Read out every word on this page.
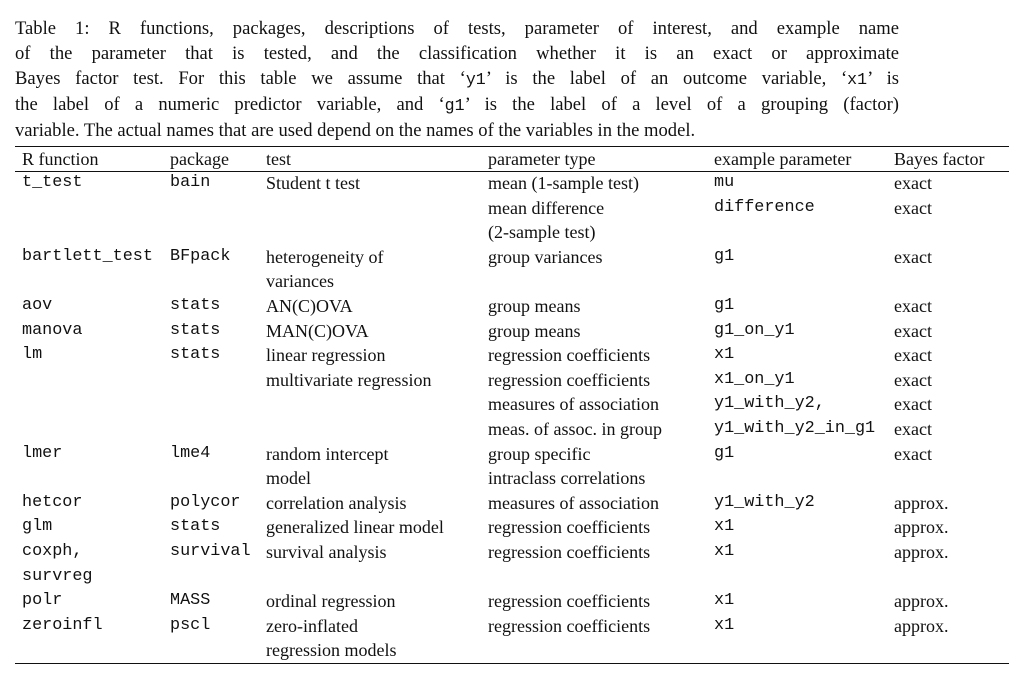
Table 1: R functions, packages, descriptions of tests, parameter of interest, and example name
of the parameter that is tested, and the classification whether it is an exact or approximate
Bayes factor test. For this table we assume that ‘y1’ is the label of an outcome variable, ‘x1’ is
the label of a numeric predictor variable, and ‘g1’ is the label of a level of a grouping (factor)
variable. The actual names that are used depend on the names of the variables in the model.
R function	package	test	parameter type	example parameter	Bayes factor
t_test	bain	Student t test	mean (1-sample test)	mu	exact
			mean difference	difference	exact
			(2-sample test)		
bartlett_test	BFpack	heterogeneity of	group variances	g1	exact
		variances			
aov	stats	AN(C)OVA	group means	g1	exact
manova	stats	MAN(C)OVA	group means	g1_on_y1	exact
lm	stats	linear regression	regression coefficients	x1	exact
		multivariate regression	regression coefficients	x1_on_y1	exact
			measures of association	y1_with_y2,	exact
			meas. of assoc. in group	y1_with_y2_in_g1	exact
lmer	lme4	random intercept	group specific	g1	exact
		model	intraclass correlations		
hetcor	polycor	correlation analysis	measures of association	y1_with_y2	approx.
glm	stats	generalized linear model	regression coefficients	x1	approx.
coxph,	survival	survival analysis	regression coefficients	x1	approx.
survreg					
polr	MASS	ordinal regression	regression coefficients	x1	approx.
zeroinfl	pscl	zero-inflated	regression coefficients	x1	approx.
		regression models			
